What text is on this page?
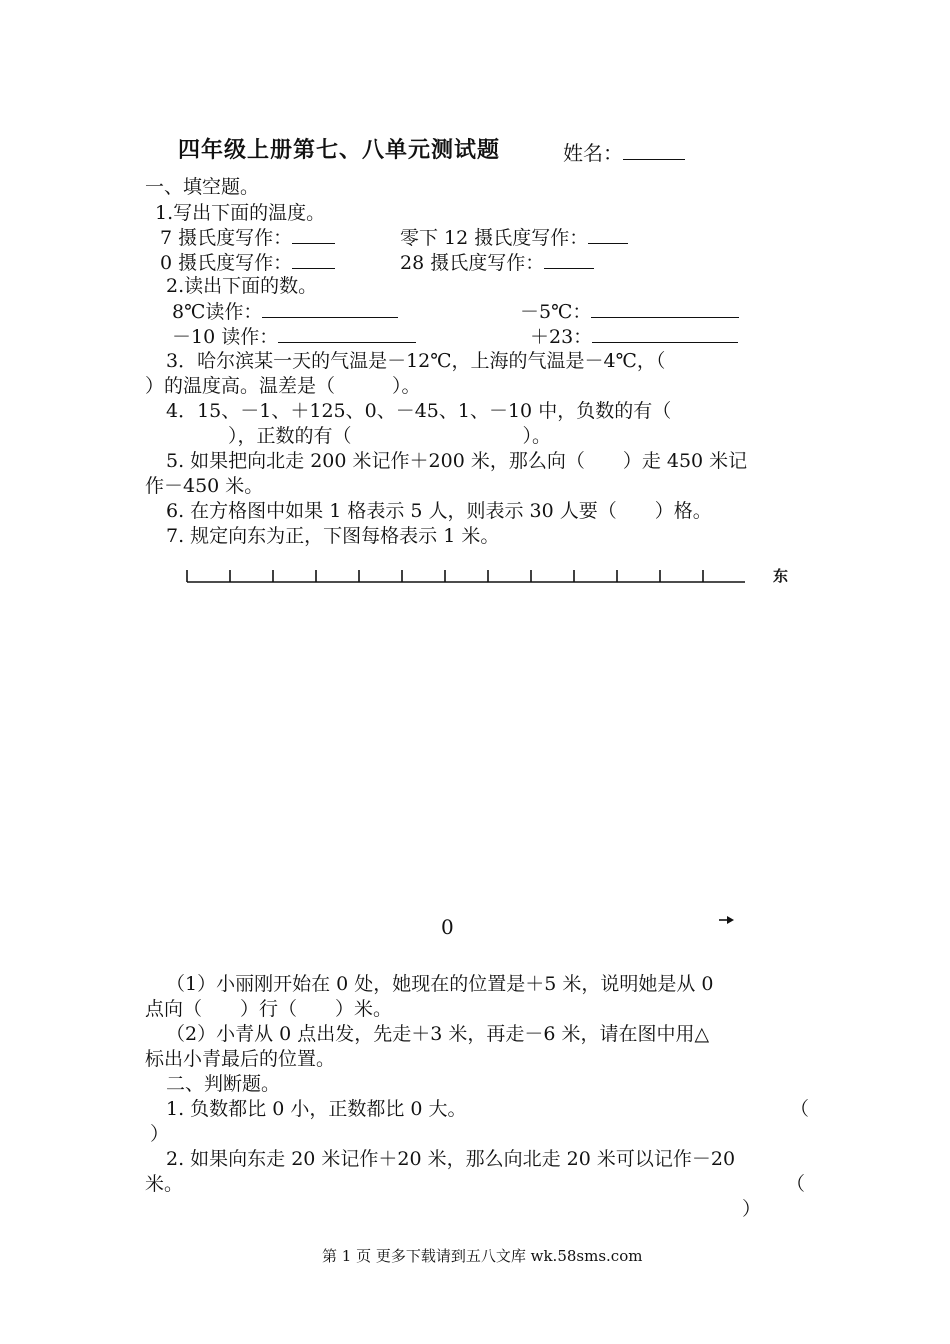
四年级上册第七、八单元测试题	姓名：
一、填空题。
1.写出下面的温度。
7 摄氏度写作：	零下 12 摄氏度写作：
0 摄氏度写作：	28 摄氏度写作：
2.读出下面的数。
8℃读作：	－5℃：
－10 读作：	＋23：
3．哈尔滨某一天的气温是－12℃，上海的气温是－4℃，（
）的温度高。温差是（　　　）。
4．15、－1、＋125、0、－45、1、－10 中，负数的有（
），正数的有（　　　　　　　　　）。
5. 如果把向北走 200 米记作＋200 米，那么向（　　）走 450 米记
作－450 米。
6. 在方格图中如果 1 格表示 5 人，则表示 30 人要（　　）格。
7. 规定向东为正，下图每格表示 1 米。
东
0
（1）小丽刚开始在 0 处，她现在的位置是＋5 米，说明她是从 0
点向（　　）行（　　）米。
（2）小青从 0 点出发，先走＋3 米，再走－6 米，请在图中用△
标出小青最后的位置。
二、判断题。
1. 负数都比 0 小，正数都比 0 大。	（
）
2. 如果向东走 20 米记作＋20 米，那么向北走 20 米可以记作－20
米。	（
）
第 1 页 更多下载请到五八文库 wk.58sms.com
